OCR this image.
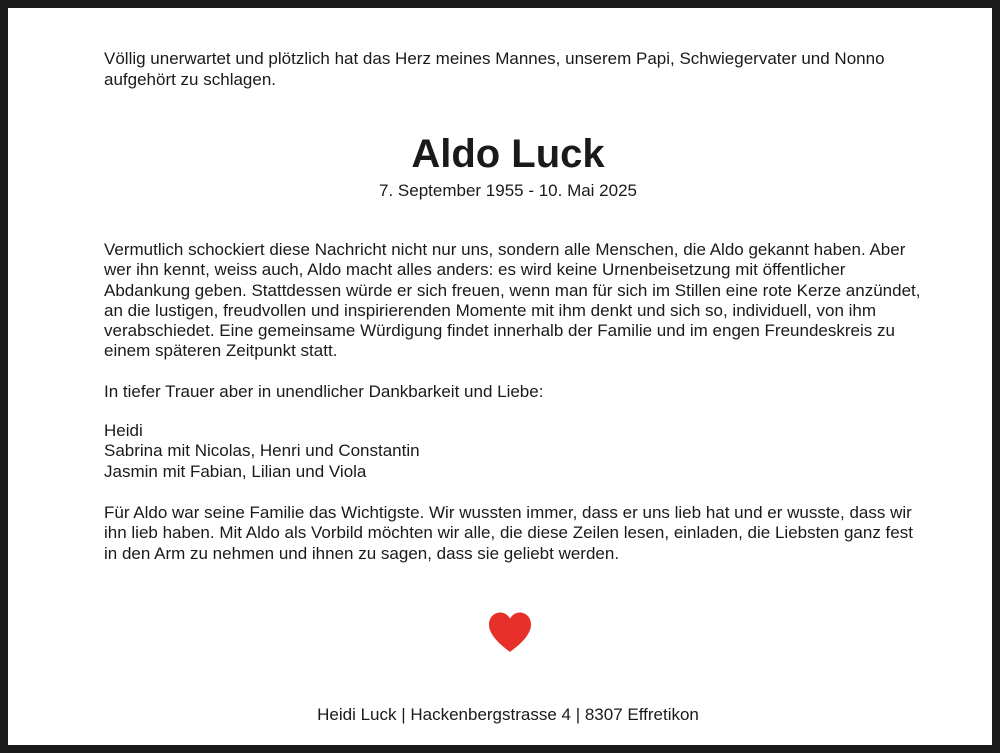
Völlig unerwartet und plötzlich hat das Herz meines Mannes, unserem Papi, Schwiegervater und Nonno aufgehört zu schlagen.

Aldo Luck

7. September 1955 - 10. Mai 2025

Vermutlich schockiert diese Nachricht nicht nur uns, sondern alle Menschen, die Aldo gekannt haben. Aber wer ihn kennt, weiss auch, Aldo macht alles anders: es wird keine Urnenbeisetzung mit öffentlicher Abdankung geben. Stattdessen würde er sich freuen, wenn man für sich im Stillen eine rote Kerze anzündet, an die lustigen, freudvollen und inspirierenden Momente mit ihm denkt und sich so, individuell, von ihm verabschiedet. Eine gemeinsame Würdigung findet innerhalb der Familie und im engen Freundeskreis zu einem späteren Zeitpunkt statt.

In tiefer Trauer aber in unendlicher Dankbarkeit und Liebe:

Heidi
Sabrina mit Nicolas, Henri und Constantin
Jasmin mit Fabian, Lilian und Viola

Für Aldo war seine Familie das Wichtigste. Wir wussten immer, dass er uns lieb hat und er wusste, dass wir ihn lieb haben. Mit Aldo als Vorbild möchten wir alle, die diese Zeilen lesen, einladen, die Liebsten ganz fest in den Arm zu nehmen und ihnen zu sagen, dass sie geliebt werden.

Heidi Luck | Hackenbergstrasse 4 | 8307 Effretikon
